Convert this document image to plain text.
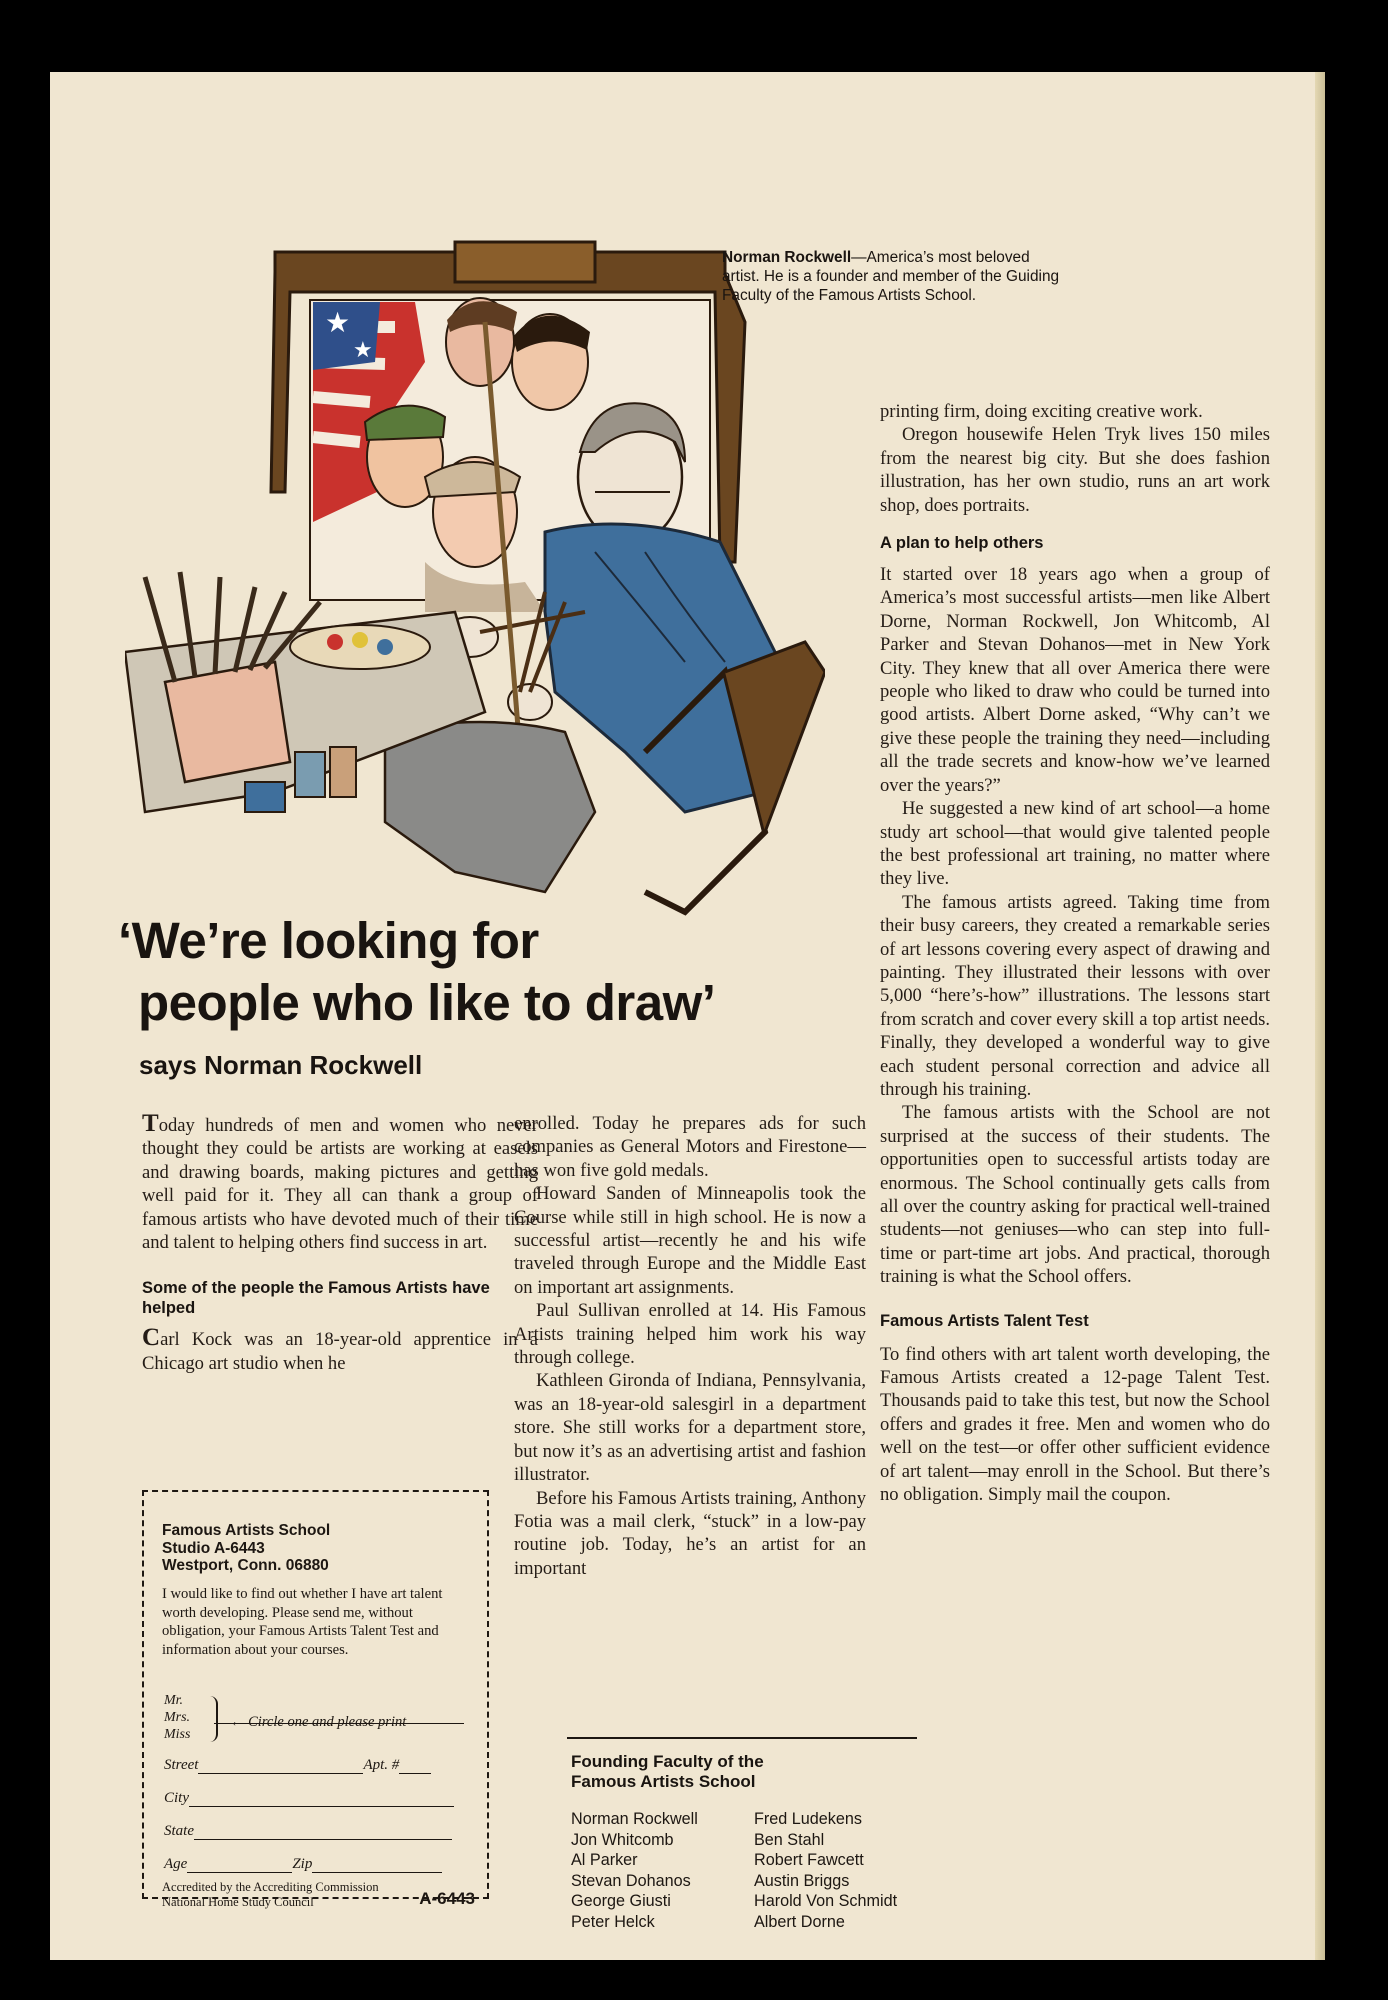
★
★
Norman Rockwell—America’s most beloved artist. He is a founder and member of the Guiding Faculty of the Famous Artists School.
‘We’re looking for
people who like to draw’
says Norman Rockwell

Today hundreds of men and women who never thought they could be artists are working at easels and drawing boards, making pictures and getting well paid for it. They all can thank a group of famous artists who have devoted much of their time and talent to helping others find success in art.

Some of the people the Famous Artists have helped

Carl Kock was an 18-year-old apprentice in a Chicago art studio when he

enrolled. Today he prepares ads for such companies as General Motors and Firestone—has won five gold medals.

Howard Sanden of Minneapolis took the Course while still in high school. He is now a successful artist—recently he and his wife traveled through Europe and the Middle East on important art assignments.

Paul Sullivan enrolled at 14. His Famous Artists training helped him work his way through college.

Kathleen Gironda of Indiana, Pennsylvania, was an 18-year-old salesgirl in a department store. She still works for a department store, but now it’s as an advertising artist and fashion illustrator.

Before his Famous Artists training, Anthony Fotia was a mail clerk, “stuck” in a low-pay routine job. Today, he’s an artist for an important

printing firm, doing exciting creative work.

Oregon housewife Helen Tryk lives 150 miles from the nearest big city. But she does fashion illustration, has her own studio, runs an art work shop, does portraits.

A plan to help others

It started over 18 years ago when a group of America’s most successful artists—men like Albert Dorne, Norman Rockwell, Jon Whitcomb, Al Parker and Stevan Dohanos—met in New York City. They knew that all over America there were people who liked to draw who could be turned into good artists. Albert Dorne asked, “Why can’t we give these people the training they need—including all the trade secrets and know-how we’ve learned over the years?”

He suggested a new kind of art school—a home study art school—that would give talented people the best professional art training, no matter where they live.

The famous artists agreed. Taking time from their busy careers, they created a remarkable series of art lessons covering every aspect of drawing and painting. They illustrated their lessons with over 5,000 “here’s-how” illustrations. The lessons start from scratch and cover every skill a top artist needs. Finally, they developed a wonderful way to give each student personal correction and advice all through his training.

The famous artists with the School are not surprised at the success of their students. The opportunities open to successful artists today are enormous. The School continually gets calls from all over the country asking for practical well-trained students—not geniuses—who can step into full-time or part-time art jobs. And practical, thorough training is what the School offers.

Famous Artists Talent Test

To find others with art talent worth developing, the Famous Artists created a 12-page Talent Test. Thousands paid to take this test, but now the School offers and grades it free. Men and women who do well on the test—or offer other sufficient evidence of art talent—may enroll in the School. But there’s no obligation. Simply mail the coupon.

Famous Artists School
Studio A-6443
Westport, Conn. 06880
I would like to find out whether I have art talent worth developing. Please send me, without obligation, your Famous Artists Talent Test and information about your courses.
Mr.
Mrs.
Miss
← Circle one and please print
Street	Apt. #
City
State
Age	Zip
Accredited by the Accrediting Commission National Home Study Council	A-6443
Founding Faculty of the
Famous Artists School
Norman Rockwell
Jon Whitcomb
Al Parker
Stevan Dohanos
George Giusti
Peter Helck
Fred Ludekens
Ben Stahl
Robert Fawcett
Austin Briggs
Harold Von Schmidt
Albert Dorne
